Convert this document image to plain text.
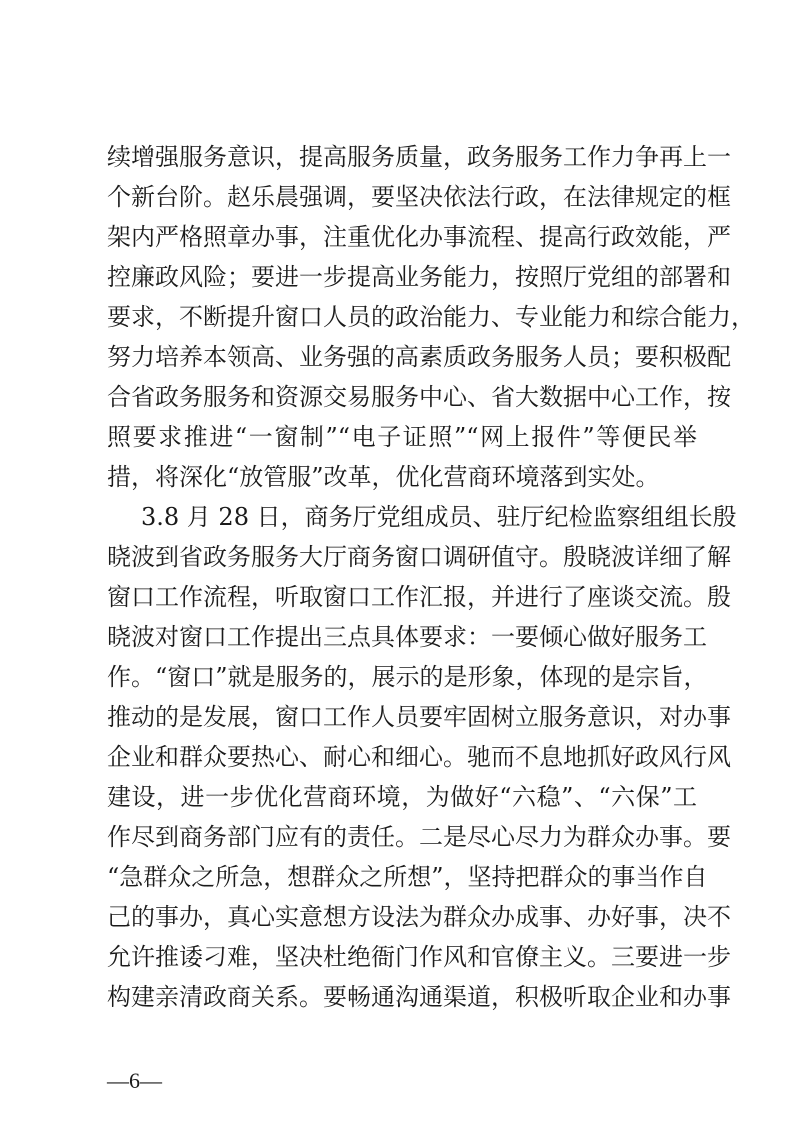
续增强服务意识，提高服务质量，政务服务工作力争再上一
个新台阶。赵乐晨强调，要坚决依法行政，在法律规定的框
架内严格照章办事，注重优化办事流程、提高行政效能，严
控廉政风险；要进一步提高业务能力，按照厅党组的部署和
要求，不断提升窗口人员的政治能力、专业能力和综合能力，
努力培养本领高、业务强的高素质政务服务人员；要积极配
合省政务服务和资源交易服务中心、省大数据中心工作，按
照要求推进“一窗制”“电子证照”“网上报件”等便民举
措，将深化“放管服”改革，优化营商环境落到实处。
3.8 月 28 日，商务厅党组成员、驻厅纪检监察组组长殷
晓波到省政务服务大厅商务窗口调研值守。殷晓波详细了解
窗口工作流程，听取窗口工作汇报，并进行了座谈交流。殷
晓波对窗口工作提出三点具体要求：一要倾心做好服务工
作。“窗口”就是服务的，展示的是形象，体现的是宗旨，
推动的是发展，窗口工作人员要牢固树立服务意识，对办事
企业和群众要热心、耐心和细心。驰而不息地抓好政风行风
建设，进一步优化营商环境，为做好“六稳”、“六保”工
作尽到商务部门应有的责任。二是尽心尽力为群众办事。要
“急群众之所急，想群众之所想”，坚持把群众的事当作自
己的事办，真心实意想方设法为群众办成事、办好事，决不
允许推诿刁难，坚决杜绝衙门作风和官僚主义。三要进一步
构建亲清政商关系。要畅通沟通渠道，积极听取企业和办事
—6—
